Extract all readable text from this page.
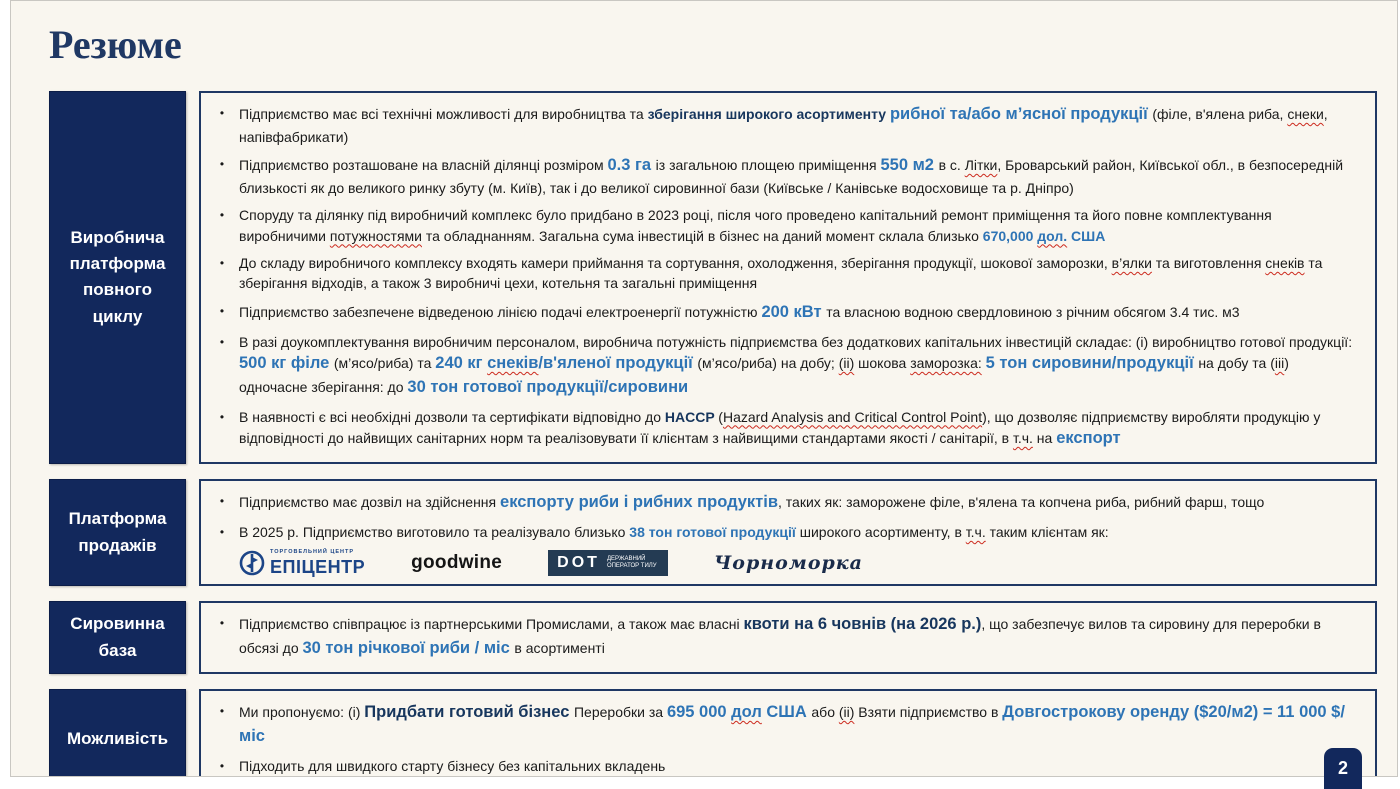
Резюме
Виробнича платформа повного циклу
•	Підприємство має всі технічні можливості для виробництва та зберігання широкого асортименту рибної та/або м’ясної продукції (філе, в'ялена риба, снеки, напівфабрикати)
•	Підприємство розташоване на власній ділянці розміром 0.3 га із загальною площею приміщення 550 м2 в с. Літки, Броварський район, Київської обл., в безпосередній близькості як до великого ринку збуту (м. Київ), так і до великої сировинної бази (Київське / Канівське водосховище та р. Дніпро)
•	Споруду та ділянку під виробничий комплекс було придбано в 2023 році, після чого проведено капітальний ремонт приміщення та його повне комплектування виробничими потужностями та обладнанням. Загальна сума інвестицій в бізнес на даний момент склала близько 670,000 дол. США
•	До складу виробничого комплексу входять камери приймання та сортування, охолодження, зберігання продукції, шокової заморозки, в’ялки та виготовлення снеків та зберігання відходів, а також 3 виробничі цехи, котельня та загальні приміщення
•	Підприємство забезпечене відведеною лінією подачі електроенергії потужністю 200 кВт та власною водною свердловиною з річним обсягом 3.4 тис. м3
•	В разі доукомплектування виробничим персоналом, виробнича потужність підприємства без додаткових капітальних інвестицій складає: (і) виробництво готової продукції: 500 кг філе (м’ясо/риба) та 240 кг снеків/в'яленої продукції (м’ясо/риба) на добу; (іі) шокова заморозка: 5 тон сировини/продукції на добу та (ііі) одночасне зберігання: до 30 тон готової продукції/сировини
•	В наявності є всі необхідні дозволи та сертифікати відповідно до HACCP (Hazard Analysis and Critical Control Point), що дозволяє підприємству виробляти продукцію у відповідності до найвищих санітарних норм та реалізовувати її клієнтам з найвищими стандартами якості / санітарії, в т.ч. на експорт
Платформа продажів
•	Підприємство має дозвіл на здійснення експорту риби і рибних продуктів, таких як: заморожене філе, в'ялена та копчена риба, рибний фарш, тощо
•	В 2025 р. Підприємство виготовило та реалізувало близько 38 тон готової продукції широкого асортименту, в т.ч. таким клієнтам як:
ТОРГОВЕЛЬНИЙ ЦЕНТР
ЕПІЦЕНТР goodwine	DOT ДЕРЖАВНИЙ ОПЕРАТОР ТИЛУ	Чорноморка
Сировинна база
•	Підприємство співпрацює із партнерськими Промислами, а також має власні квоти на 6 човнів (на 2026 р.), що забезпечує вилов та сировину для переробки в обсязі до 30 тон річкової риби / міс в асортименті
Можливість
•	Ми пропонуємо: (і) Придбати готовий бізнес Переробки за 695 000 дол США або (іі) Взяти підприємство в Довгострокову оренду ($20/м2) = 11 000 $/міс
•	Підходить для швидкого старту бізнесу без капітальних вкладень	2
